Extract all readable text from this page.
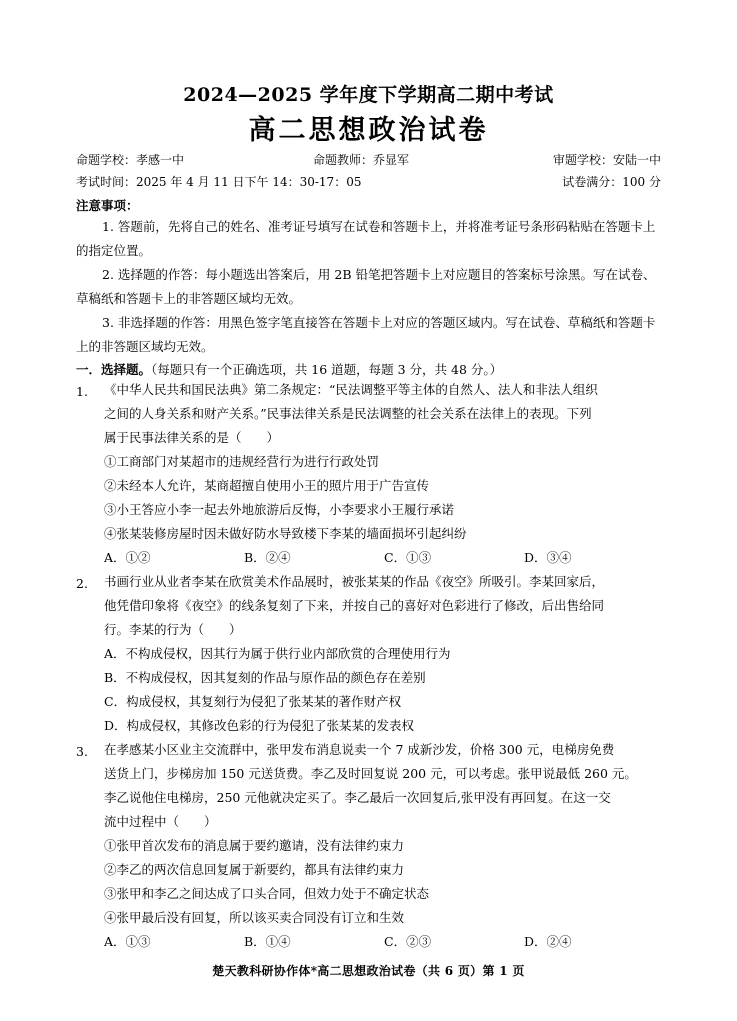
2024—2025 学年度下学期高二期中考试
高二思想政治试卷
命题学校：孝感一中	命题教师：乔显军	审题学校：安陆一中
考试时间：2025 年 4 月 11 日下午 14：30-17：05	试卷满分：100 分
注意事项：
1. 答题前，先将自己的姓名、准考证号填写在试卷和答题卡上，并将准考证号条形码粘贴在答题卡上的指定位置。
2. 选择题的作答：每小题选出答案后，用 2B 铅笔把答题卡上对应题目的答案标号涂黑。写在试卷、草稿纸和答题卡上的非答题区域均无效。
3. 非选择题的作答：用黑色签字笔直接答在答题卡上对应的答题区域内。写在试卷、草稿纸和答题卡上的非答题区域均无效。
一．选择题。（每题只有一个正确选项，共 16 道题，每题 3 分，共 48 分。）
1. 《中华人民共和国民法典》第二条规定：“民法调整平等主体的自然人、法人和非法人组织
之间的人身关系和财产关系。”民事法律关系是民法调整的社会关系在法律上的表现。下列
属于民事法律关系的是（　　）
①工商部门对某超市的违规经营行为进行行政处罚
②未经本人允许，某商超擅自使用小王的照片用于广告宣传
③小王答应小李一起去外地旅游后反悔，小李要求小王履行承诺
④张某装修房屋时因未做好防水导致楼下李某的墙面损坏引起纠纷
A．①②	B．②④	C．①③	D．③④
2. 书画行业从业者李某在欣赏美术作品展时，被张某某的作品《夜空》所吸引。李某回家后，
他凭借印象将《夜空》的线条复刻了下来，并按自己的喜好对色彩进行了修改，后出售给同
行。李某的行为（　　）
A．不构成侵权，因其行为属于供行业内部欣赏的合理使用行为
B．不构成侵权，因其复刻的作品与原作品的颜色存在差别
C．构成侵权，其复刻行为侵犯了张某某的著作财产权
D．构成侵权，其修改色彩的行为侵犯了张某某的发表权
3. 在孝感某小区业主交流群中，张甲发布消息说卖一个 7 成新沙发，价格 300 元，电梯房免费
送货上门，步梯房加 150 元送货费。李乙及时回复说 200 元，可以考虑。张甲说最低 260 元。
李乙说他住电梯房，250 元他就决定买了。李乙最后一次回复后,张甲没有再回复。在这一交
流中过程中（　　）
①张甲首次发布的消息属于要约邀请，没有法律约束力
②李乙的两次信息回复属于新要约，都具有法律约束力
③张甲和李乙之间达成了口头合同，但效力处于不确定状态
④张甲最后没有回复，所以该买卖合同没有订立和生效
A．①③	B．①④	C．②③	D．②④
楚天教科研协作体*高二思想政治试卷（共 6 页）第 1 页
